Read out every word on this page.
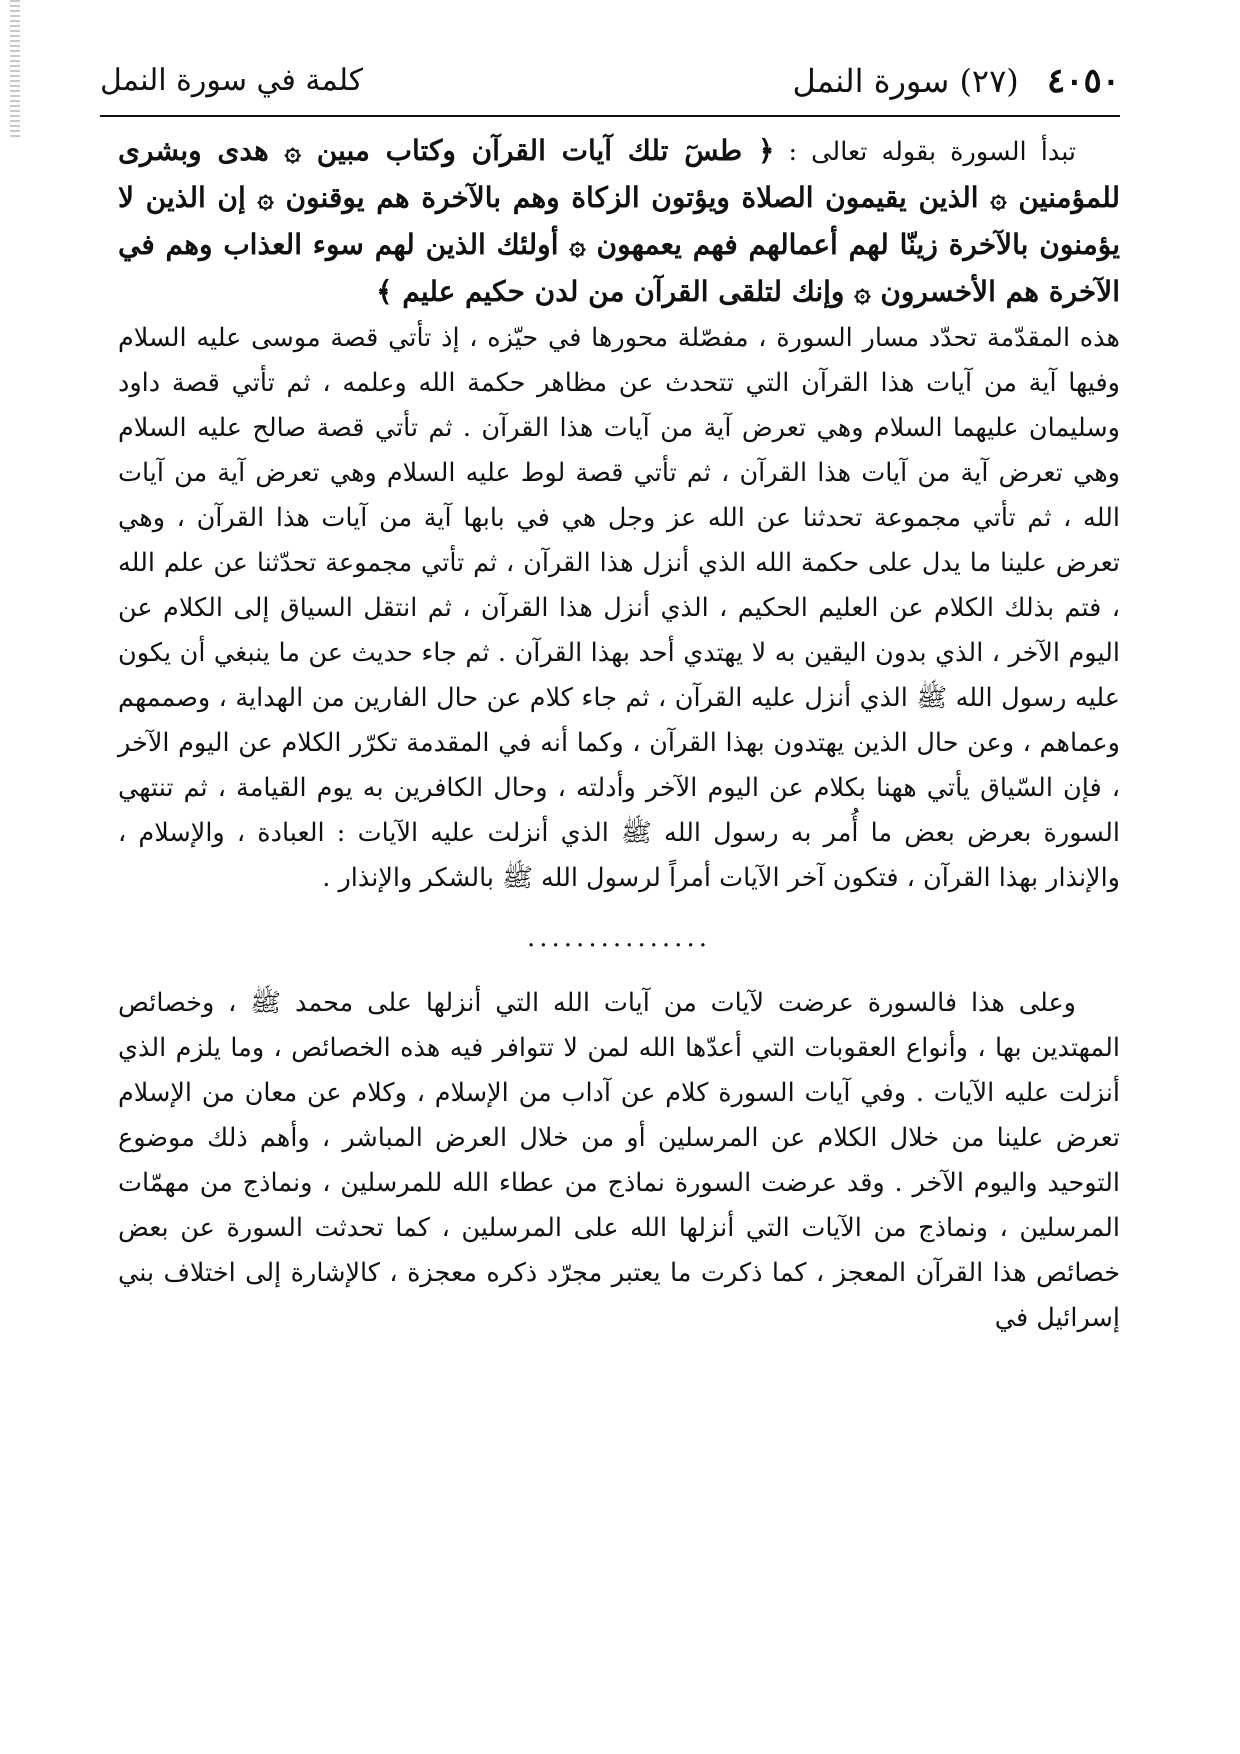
٤٠٥٠ (٢٧) سورة النمل
كلمة في سورة النمل

تبدأ السورة بقوله تعالى : ﴿ طسٓ تلك آيات القرآن وكتاب مبين ۞ هدى وبشرى للمؤمنين ۞ الذين يقيمون الصلاة ويؤتون الزكاة وهم بالآخرة هم يوقنون ۞ إن الذين لا يؤمنون بالآخرة زينّا لهم أعمالهم فهم يعمهون ۞ أولئك الذين لهم سوء العذاب وهم في الآخرة هم الأخسرون ۞ وإنك لتلقى القرآن من لدن حكيم عليم ﴾

هذه المقدّمة تحدّد مسار السورة ، مفصّلة محورها في حيّزه ، إذ تأتي قصة موسى عليه السلام وفيها آية من آيات هذا القرآن التي تتحدث عن مظاهر حكمة الله وعلمه ، ثم تأتي قصة داود وسليمان عليهما السلام وهي تعرض آية من آيات هذا القرآن . ثم تأتي قصة صالح عليه السلام وهي تعرض آية من آيات هذا القرآن ، ثم تأتي قصة لوط عليه السلام وهي تعرض آية من آيات الله ، ثم تأتي مجموعة تحدثنا عن الله عز وجل هي في بابها آية من آيات هذا القرآن ، وهي تعرض علينا ما يدل على حكمة الله الذي أنزل هذا القرآن ، ثم تأتي مجموعة تحدّثنا عن علم الله ، فتم بذلك الكلام عن العليم الحكيم ، الذي أنزل هذا القرآن ، ثم انتقل السياق إلى الكلام عن اليوم الآخر ، الذي بدون اليقين به لا يهتدي أحد بهذا القرآن . ثم جاء حديث عن ما ينبغي أن يكون عليه رسول الله ﷺ الذي أنزل عليه القرآن ، ثم جاء كلام عن حال الفارين من الهداية ، وصممهم وعماهم ، وعن حال الذين يهتدون بهذا القرآن ، وكما أنه في المقدمة تكرّر الكلام عن اليوم الآخر ، فإن السّياق يأتي ههنا بكلام عن اليوم الآخر وأدلته ، وحال الكافرين به يوم القيامة ، ثم تنتهي السورة بعرض بعض ما أُمر به رسول الله ﷺ الذي أنزلت عليه الآيات : العبادة ، والإسلام ، والإنذار بهذا القرآن ، فتكون آخر الآيات أمراً لرسول الله ﷺ بالشكر والإنذار .

...............

وعلى هذا فالسورة عرضت لآيات من آيات الله التي أنزلها على محمد ﷺ ، وخصائص المهتدين بها ، وأنواع العقوبات التي أعدّها الله لمن لا تتوافر فيه هذه الخصائص ، وما يلزم الذي أنزلت عليه الآيات . وفي آيات السورة كلام عن آداب من الإسلام ، وكلام عن معان من الإسلام تعرض علينا من خلال الكلام عن المرسلين أو من خلال العرض المباشر ، وأهم ذلك موضوع التوحيد واليوم الآخر . وقد عرضت السورة نماذج من عطاء الله للمرسلين ، ونماذج من مهمّات المرسلين ، ونماذج من الآيات التي أنزلها الله على المرسلين ، كما تحدثت السورة عن بعض خصائص هذا القرآن المعجز ، كما ذكرت ما يعتبر مجرّد ذكره معجزة ، كالإشارة إلى اختلاف بني إسرائيل في
